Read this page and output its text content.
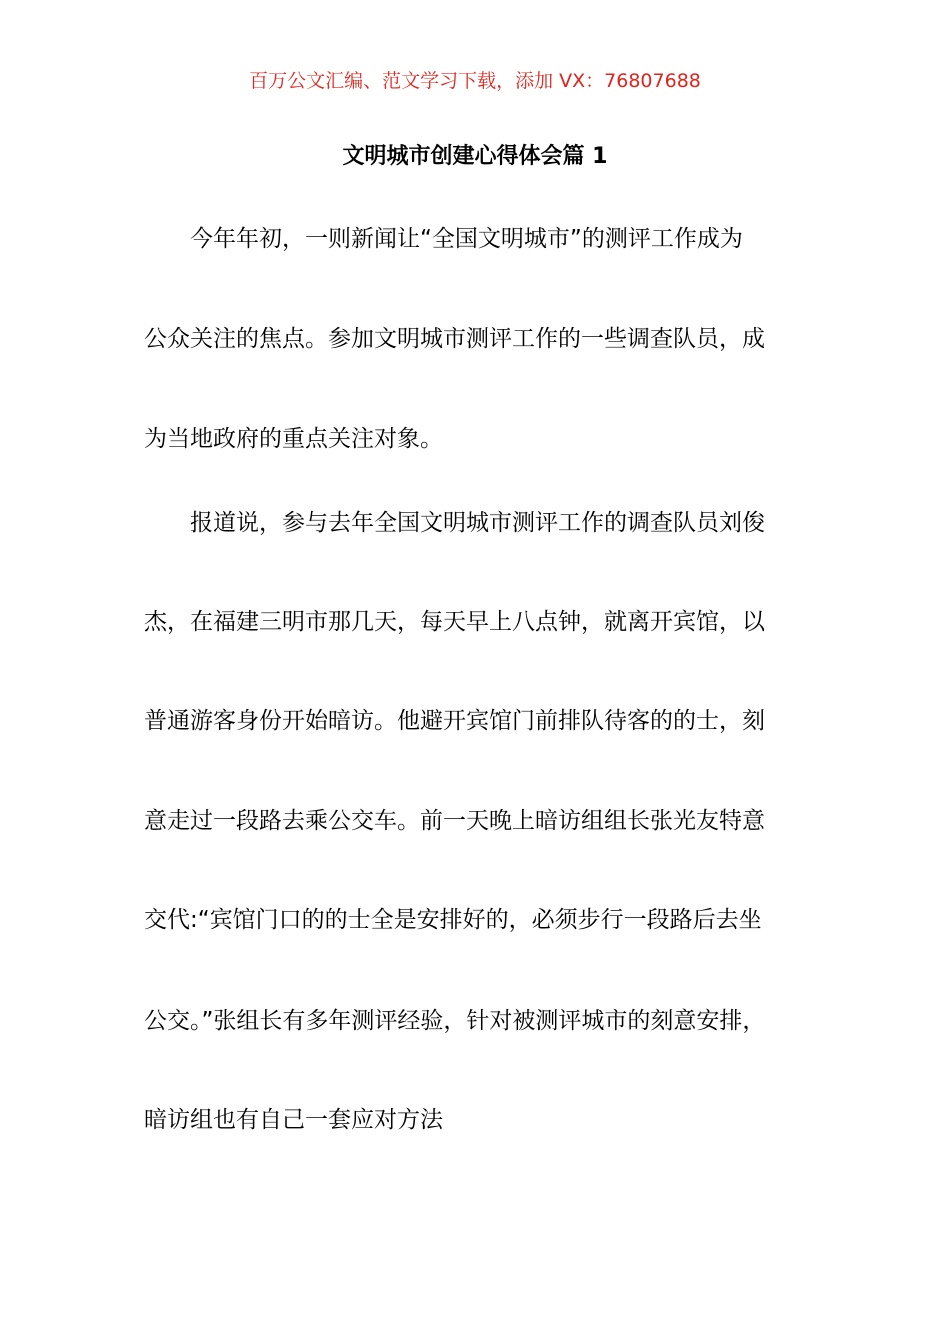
百万公文汇编、范文学习下载，添加 VX：76807688
文明城市创建心得体会篇 1
今年年初，一则新闻让“全国文明城市”的测评工作成为
公众关注的焦点。参加文明城市测评工作的一些调查队员，成
为当地政府的重点关注对象。
报道说，参与去年全国文明城市测评工作的调查队员刘俊
杰，在福建三明市那几天，每天早上八点钟，就离开宾馆，以
普通游客身份开始暗访。他避开宾馆门前排队待客的的士，刻
意走过一段路去乘公交车。前一天晚上暗访组组长张光友特意
交代:“宾馆门口的的士全是安排好的，必须步行一段路后去坐
公交。”张组长有多年测评经验，针对被测评城市的刻意安排，
暗访组也有自己一套应对方法
